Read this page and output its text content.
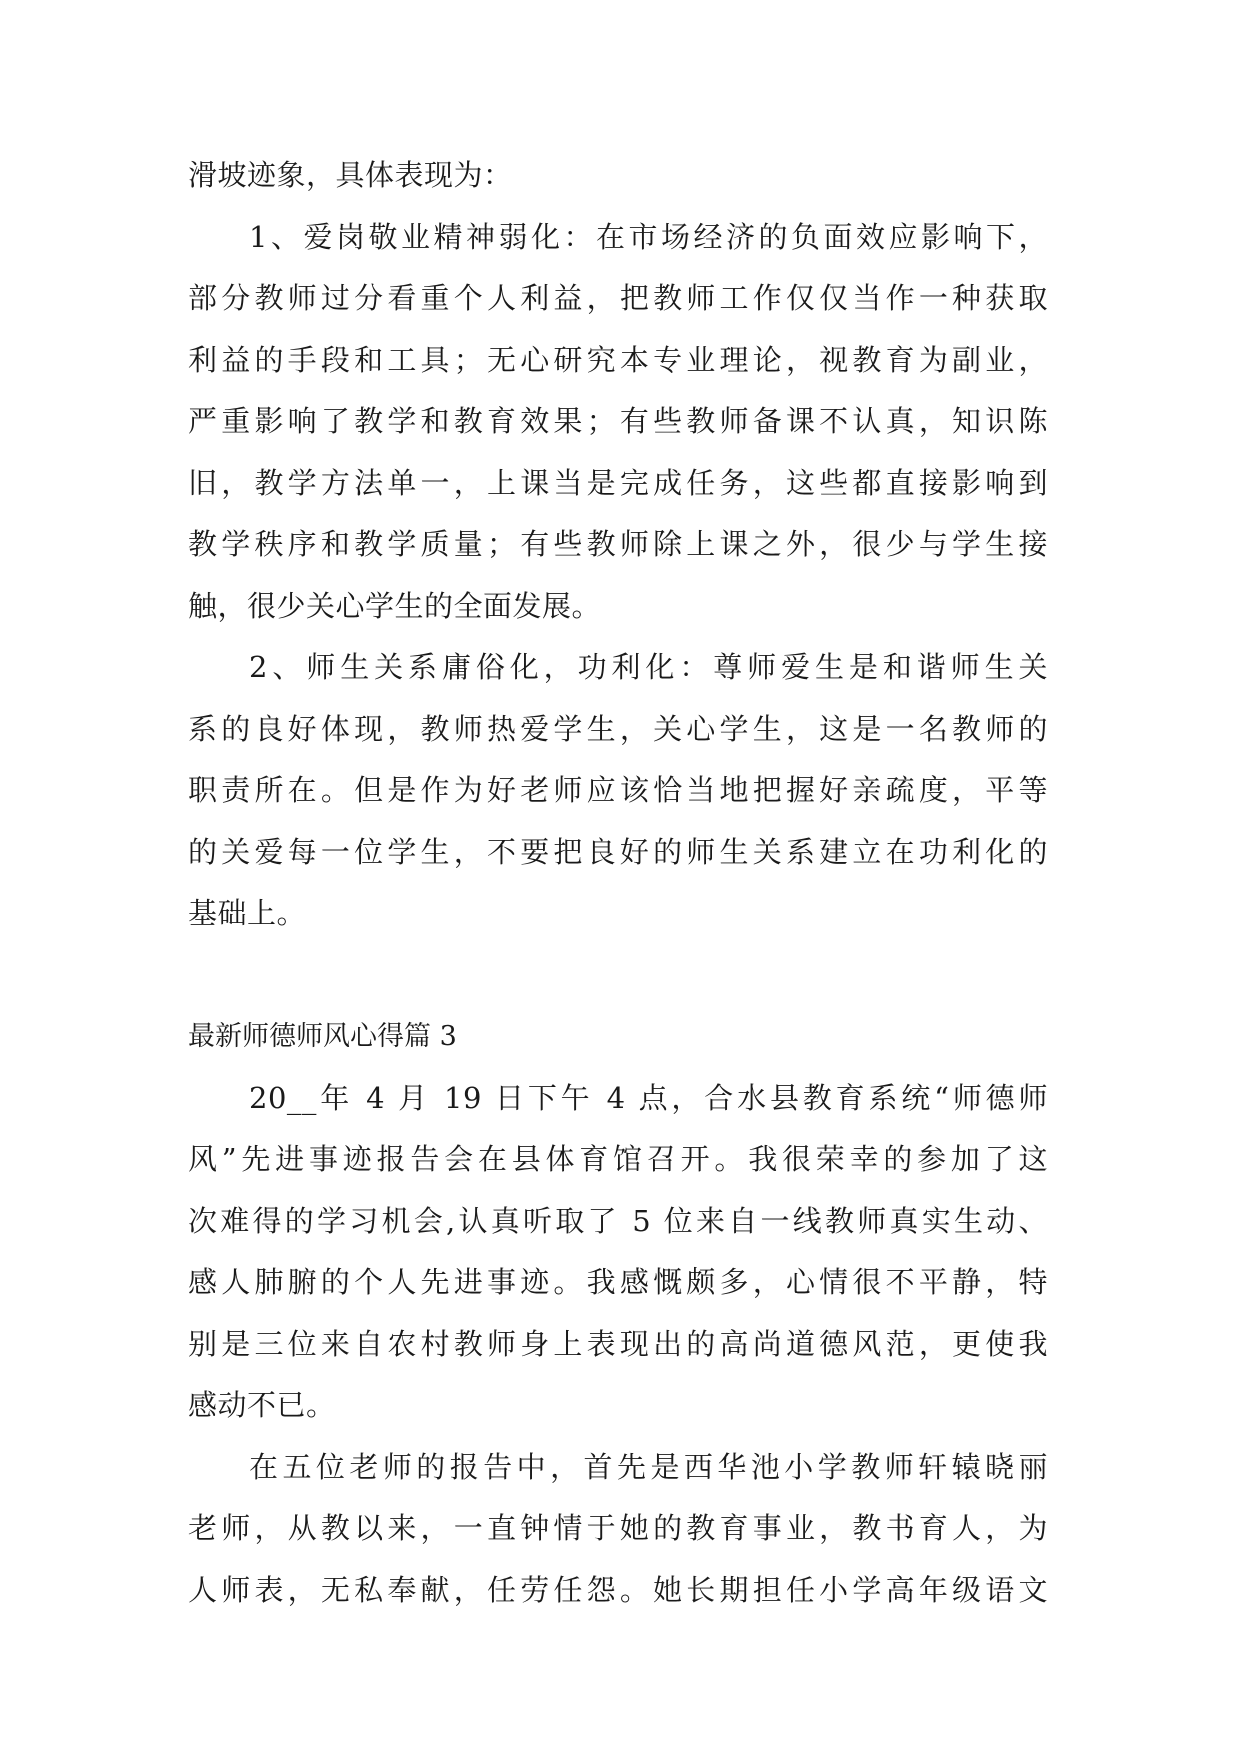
滑坡迹象，具体表现为：
1、爱岗敬业精神弱化：在市场经济的负面效应影响下，
部分教师过分看重个人利益，把教师工作仅仅当作一种获取
利益的手段和工具；无心研究本专业理论，视教育为副业，
严重影响了教学和教育效果；有些教师备课不认真，知识陈
旧，教学方法单一，上课当是完成任务，这些都直接影响到
教学秩序和教学质量；有些教师除上课之外，很少与学生接
触，很少关心学生的全面发展。
2、师生关系庸俗化，功利化：尊师爱生是和谐师生关
系的良好体现，教师热爱学生，关心学生，这是一名教师的
职责所在。但是作为好老师应该恰当地把握好亲疏度，平等
的关爱每一位学生，不要把良好的师生关系建立在功利化的
基础上。
最新师德师风心得篇 3
20__年 4 月 19 日下午 4 点，合水县教育系统“师德师
风”先进事迹报告会在县体育馆召开。我很荣幸的参加了这
次难得的学习机会,认真听取了 5 位来自一线教师真实生动、
感人肺腑的个人先进事迹。我感慨颇多，心情很不平静，特
别是三位来自农村教师身上表现出的高尚道德风范，更使我
感动不已。
在五位老师的报告中，首先是西华池小学教师轩辕晓丽
老师，从教以来，一直钟情于她的教育事业，教书育人，为
人师表，无私奉献，任劳任怨。她长期担任小学高年级语文
